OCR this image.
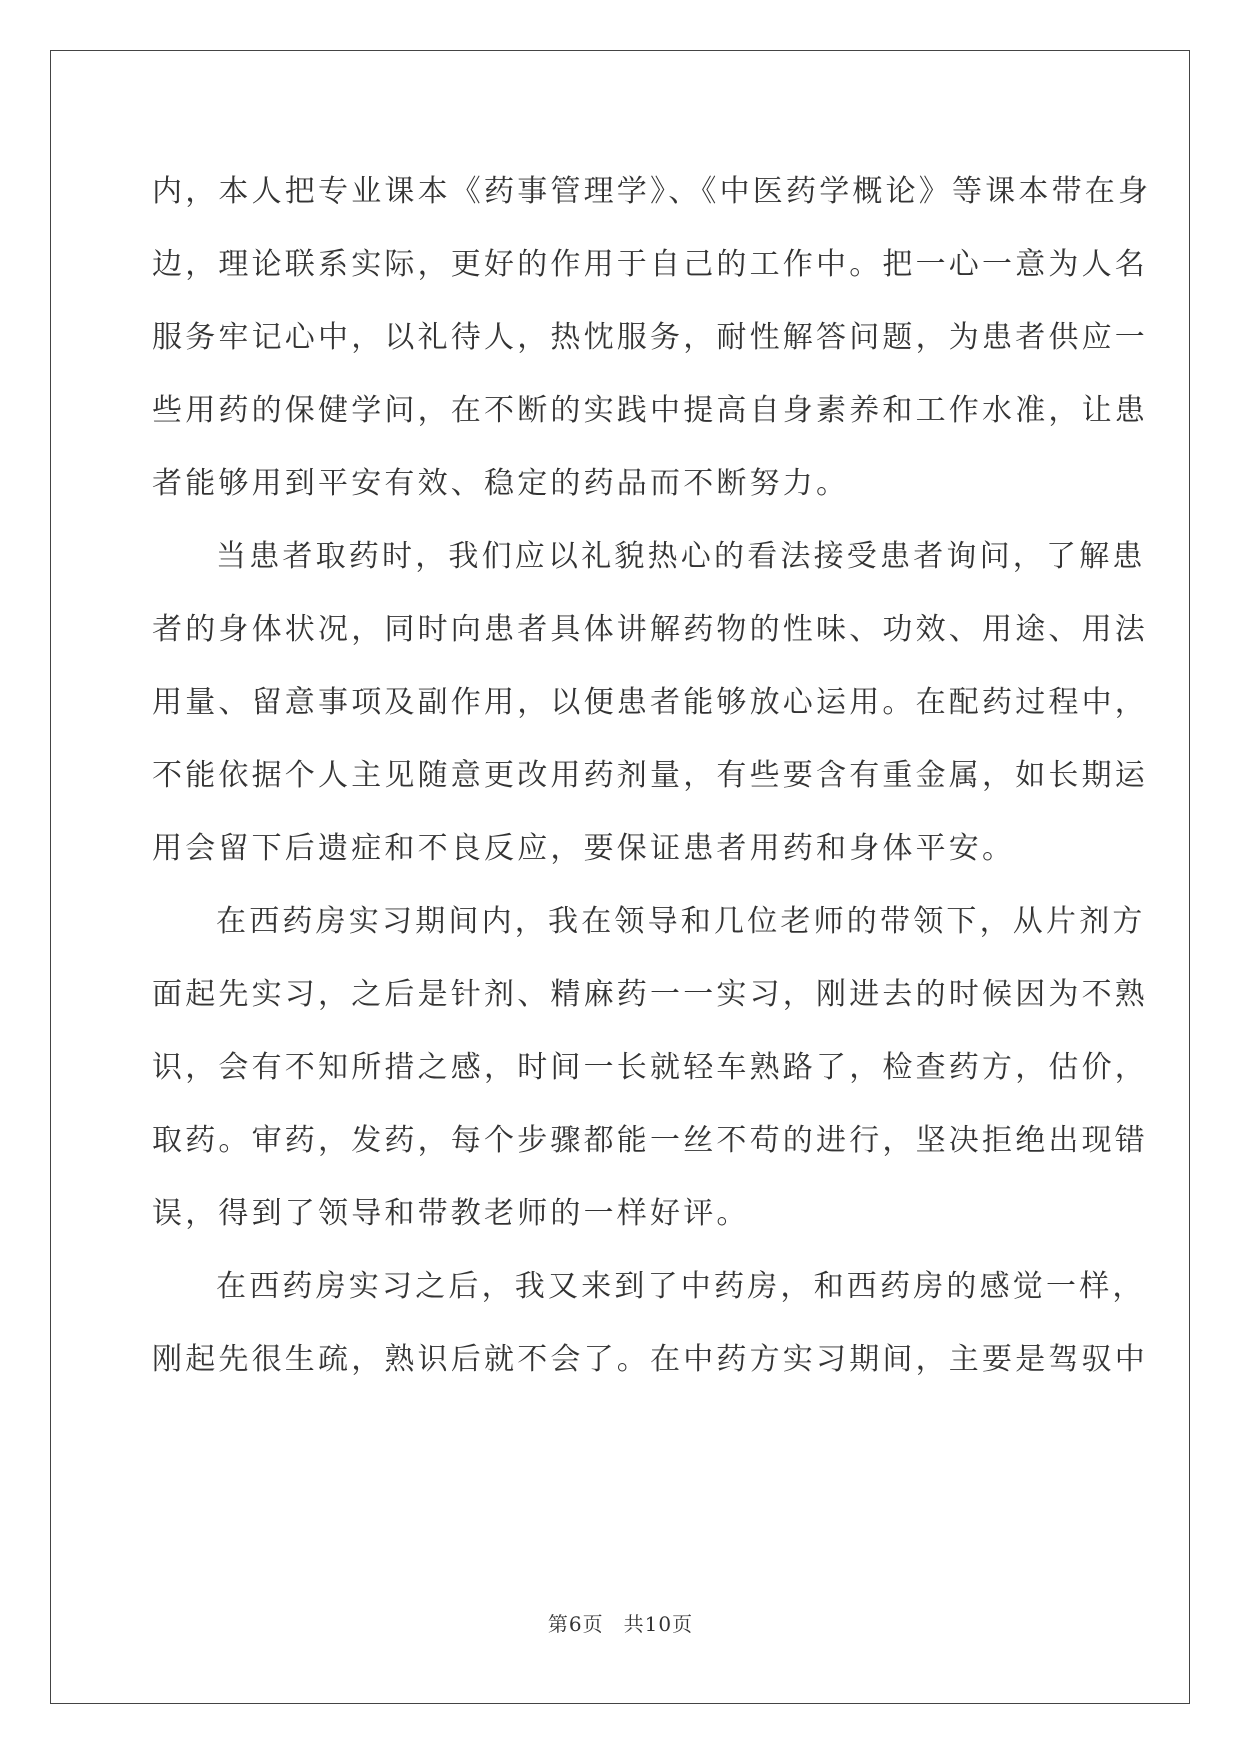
内，本人把专业课本《药事管理学》、《中医药学概论》等课本带在身
边，理论联系实际，更好的作用于自己的工作中。把一心一意为人名
服务牢记心中，以礼待人，热忱服务，耐性解答问题，为患者供应一
些用药的保健学问，在不断的实践中提高自身素养和工作水准，让患
者能够用到平安有效、稳定的药品而不断努力。

当患者取药时，我们应以礼貌热心的看法接受患者询问，了解患
者的身体状况，同时向患者具体讲解药物的性味、功效、用途、用法
用量、留意事项及副作用，以便患者能够放心运用。在配药过程中，
不能依据个人主见随意更改用药剂量，有些要含有重金属，如长期运
用会留下后遗症和不良反应，要保证患者用药和身体平安。

在西药房实习期间内，我在领导和几位老师的带领下，从片剂方
面起先实习，之后是针剂、精麻药一一实习，刚进去的时候因为不熟
识，会有不知所措之感，时间一长就轻车熟路了，检查药方，估价，
取药。审药，发药，每个步骤都能一丝不苟的进行，坚决拒绝出现错
误，得到了领导和带教老师的一样好评。

在西药房实习之后，我又来到了中药房，和西药房的感觉一样，
刚起先很生疏，熟识后就不会了。在中药方实习期间，主要是驾驭中

第6页 共10页
